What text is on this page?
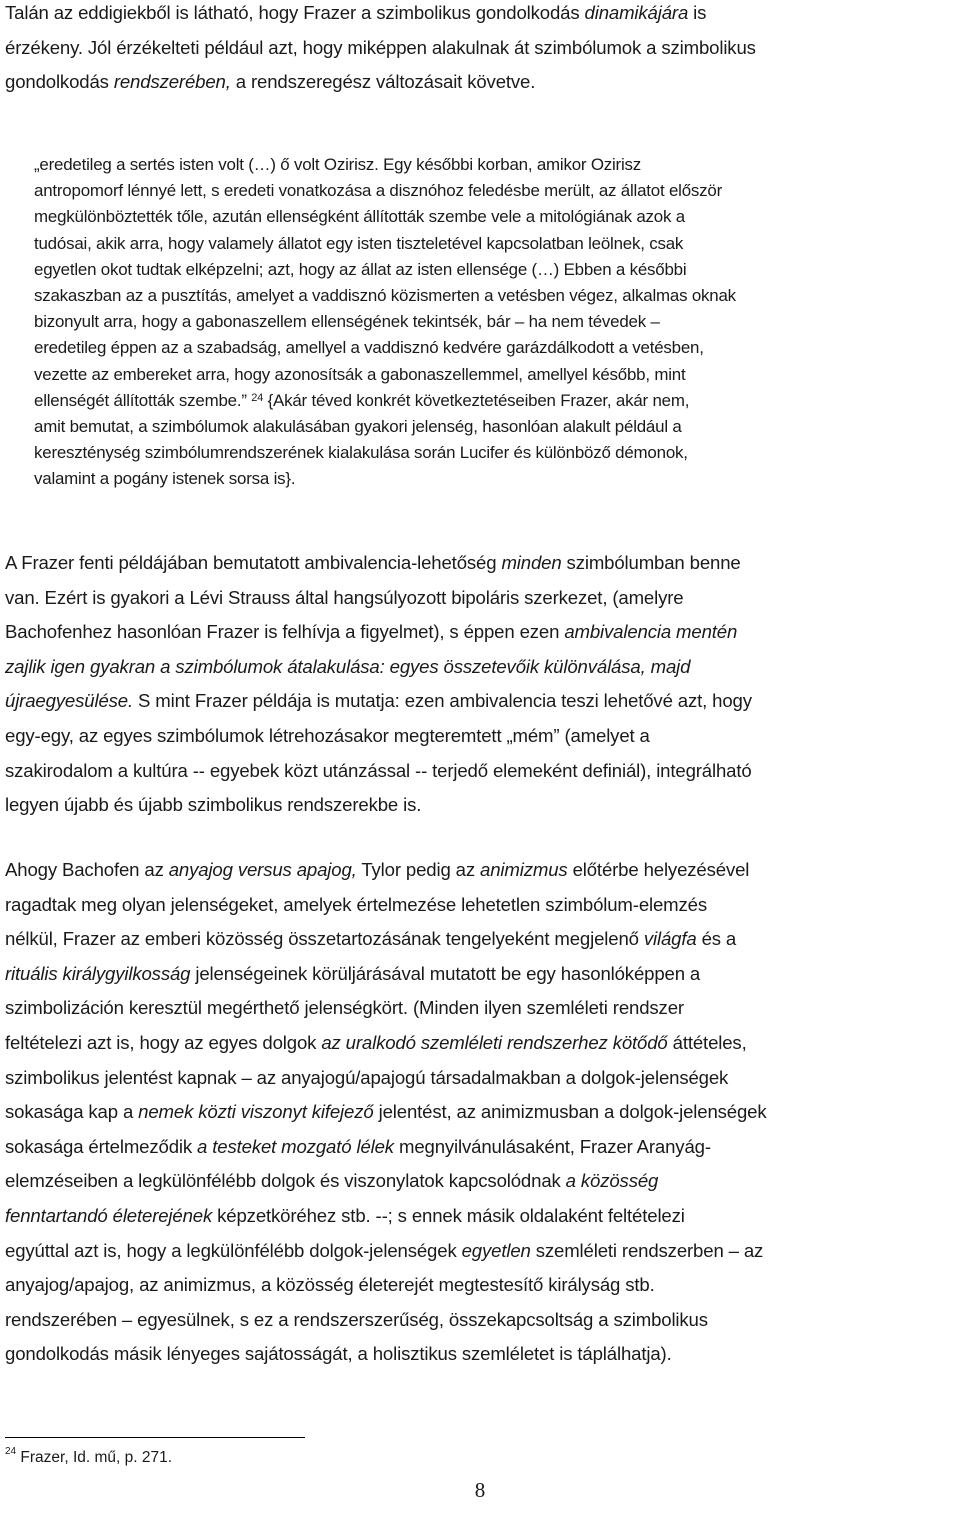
Talán az eddigiekből is látható, hogy Frazer a szimbolikus gondolkodás dinamikájára is
érzékeny. Jól érzékelteti például azt, hogy miképpen alakulnak át szimbólumok a szimbolikus
gondolkodás rendszerében, a rendszeregész változásait követve.
„eredetileg a sertés isten volt (…) ő volt Ozirisz. Egy későbbi korban, amikor Ozirisz
antropomorf lénnyé lett, s eredeti vonatkozása a disznóhoz feledésbe merült, az állatot először
megkülönböztették tőle, azután ellenségként állították szembe vele a mitológiának azok a
tudósai, akik arra, hogy valamely állatot egy isten tiszteletével kapcsolatban leölnek, csak
egyetlen okot tudtak elképzelni; azt, hogy az állat az isten ellensége (…) Ebben a későbbi
szakaszban az a pusztítás, amelyet a vaddisznó közismerten a vetésben végez, alkalmas oknak
bizonyult arra, hogy a gabonaszellem ellenségének tekintsék, bár – ha nem tévedek –
eredetileg éppen az a szabadság, amellyel a vaddisznó kedvére garázdálkodott a vetésben,
vezette az embereket arra, hogy azonosítsák a gabonaszellemmel, amellyel később, mint
ellenségét állították szembe.” $^{24}$ {Akár téved konkrét következtetéseiben Frazer, akár nem,
amit bemutat, a szimbólumok alakulásában gyakori jelenség, hasonlóan alakult például a
kereszténység szimbólumrendszerének kialakulása során Lucifer és különböző démonok,
valamint a pogány istenek sorsa is}.
A Frazer fenti példájában bemutatott ambivalencia-lehetőség minden szimbólumban benne
van. Ezért is gyakori a Lévi Strauss által hangsúlyozott bipoláris szerkezet, (amelyre
Bachofenhez hasonlóan Frazer is felhívja a figyelmet), s éppen ezen ambivalencia mentén
zajlik igen gyakran a szimbólumok átalakulása: egyes összetevőik különválása, majd
újraegyesülése. S mint Frazer példája is mutatja: ezen ambivalencia teszi lehetővé azt, hogy
egy-egy, az egyes szimbólumok létrehozásakor megteremtett „mém” (amelyet a
szakirodalom a kultúra -- egyebek közt utánzással -- terjedő elemeként definiál), integrálható
legyen újabb és újabb szimbolikus rendszerekbe is.
Ahogy Bachofen az anyajog versus apajog, Tylor pedig az animizmus előtérbe helyezésével
ragadtak meg olyan jelenségeket, amelyek értelmezése lehetetlen szimbólum-elemzés
nélkül, Frazer az emberi közösség összetartozásának tengelyeként megjelenő világfa és a
rituális királygyilkosság jelenségeinek körüljárásával mutatott be egy hasonlóképpen a
szimbolizáción keresztül megérthető jelenségkört. (Minden ilyen szemléleti rendszer
feltételezi azt is, hogy az egyes dolgok az uralkodó szemléleti rendszerhez kötődő áttételes,
szimbolikus jelentést kapnak – az anyajogú/apajogú társadalmakban a dolgok-jelenségek
sokasága kap a nemek közti viszonyt kifejező jelentést, az animizmusban a dolgok-jelenségek
sokasága értelmeződik a testeket mozgató lélek megnyilvánulásaként, Frazer Aranyág-
elemzéseiben a legkülönfélébb dolgok és viszonylatok kapcsolódnak a közösség
fenntartandó életerejének képzetköréhez stb. --; s ennek másik oldalaként feltételezi
egyúttal azt is, hogy a legkülönfélébb dolgok-jelenségek egyetlen szemléleti rendszerben – az
anyajog/apajog, az animizmus, a közösség életerejét megtestesítő királyság stb.
rendszerében – egyesülnek, s ez a rendszerszerűség, összekapcsoltság a szimbolikus
gondolkodás másik lényeges sajátosságát, a holisztikus szemléletet is táplálhatja).
$^{24}$ Frazer, Id. mű, p. 271.
8
